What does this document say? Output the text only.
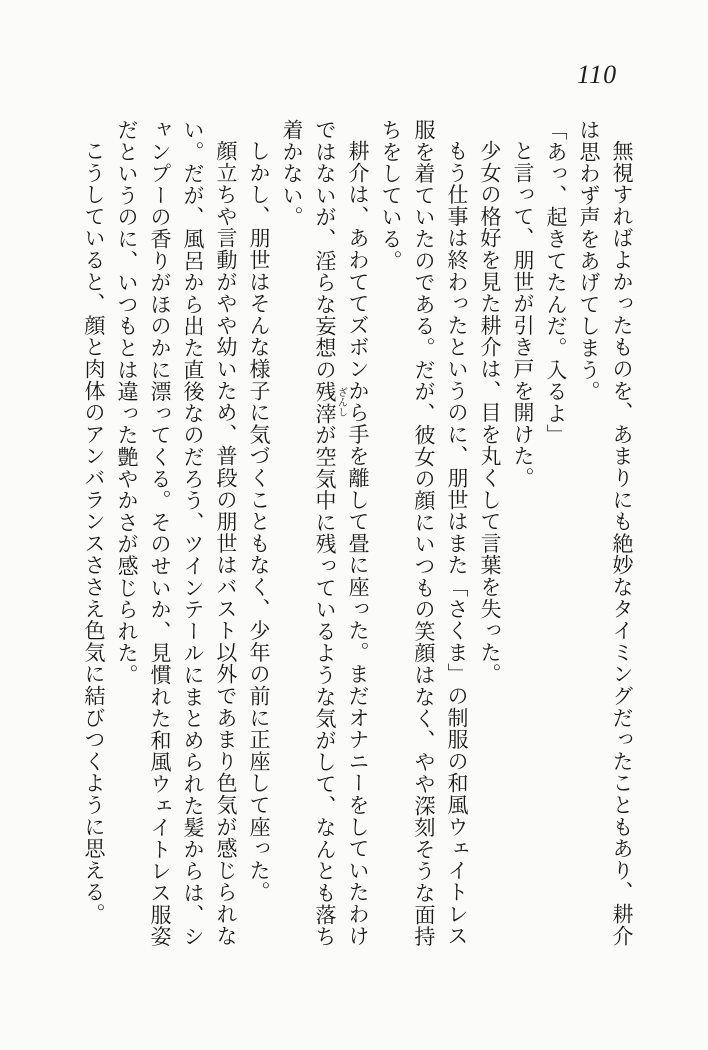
110

無視すればよかったものを、あまりにも絶妙なタイミングだったこともあり、耕介は思わず声をあげてしまう。

「あっ、起きてたんだ。入るよ」

と言って、朋世が引き戸を開けた。

少女の格好を見た耕介は、目を丸くして言葉を失った。

もう仕事は終わったというのに、朋世はまた「さくま」の制服の和風ウェイトレス服を着ていたのである。だが、彼女の顔にいつもの笑顔はなく、やや深刻そうな面持ちをしている。

耕介は、あわててズボンから手を離して畳に座った。まだオナニーをしていたわけではないが、淫らな妄想の残滓ざんしが空気中に残っているような気がして、なんとも落ち着かない。

しかし、朋世はそんな様子に気づくこともなく、少年の前に正座して座った。

顔立ちや言動がやや幼いため、普段の朋世はバスト以外であまり色気が感じられない。だが、風呂から出た直後なのだろう、ツインテールにまとめられた髪からは、シャンプーの香りがほのかに漂ってくる。そのせいか、見慣れた和風ウェイトレス服姿だというのに、いつもとは違った艶やかさが感じられた。

こうしていると、顔と肉体のアンバランスささえ色気に結びつくように思える。
